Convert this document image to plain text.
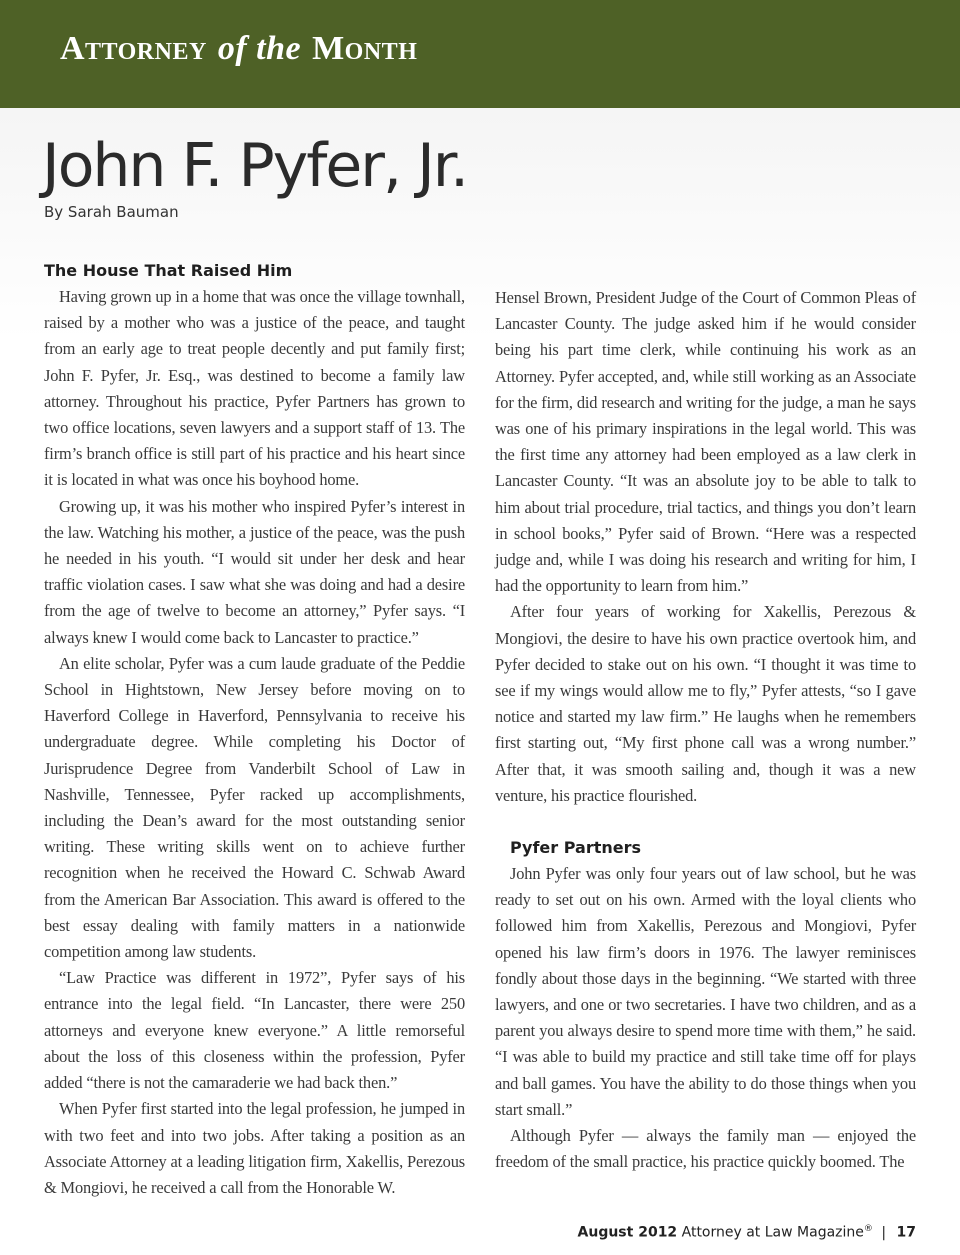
Attorney of the Month
John F. Pyfer, Jr.
By Sarah Bauman
The House That Raised Him

Having grown up in a home that was once the village townhall, raised by a mother who was a justice of the peace, and taught from an early age to treat people decently and put family first; John F. Pyfer, Jr. Esq., was destined to become a family law attorney. Throughout his practice, Pyfer Partners has grown to two office locations, seven lawyers and a support staff of 13. The firm’s branch office is still part of his practice and his heart since it is located in what was once his boyhood home.

Growing up, it was his mother who inspired Pyfer’s interest in the law. Watching his mother, a justice of the peace, was the push he needed in his youth. “I would sit under her desk and hear traffic violation cases. I saw what she was doing and had a desire from the age of twelve to become an attorney,” Pyfer says. “I always knew I would come back to Lancaster to practice.”

An elite scholar, Pyfer was a cum laude graduate of the Peddie School in Hightstown, New Jersey before moving on to Haverford College in Haverford, Pennsylvania to receive his undergraduate degree. While completing his Doctor of Jurisprudence Degree from Vanderbilt School of Law in Nashville, Tennessee, Pyfer racked up accomplishments, including the Dean’s award for the most outstanding senior writing. These writing skills went on to achieve further recognition when he received the Howard C. Schwab Award from the American Bar Association. This award is offered to the best essay dealing with family matters in a nationwide competition among law students.

“Law Practice was different in 1972”, Pyfer says of his entrance into the legal field. “In Lancaster, there were 250 attorneys and everyone knew everyone.” A little remorseful about the loss of this closeness within the profession, Pyfer added “there is not the camaraderie we had back then.”

When Pyfer first started into the legal profession, he jumped in with two feet and into two jobs. After taking a position as an Associate Attorney at a leading litigation firm, Xakellis, Perezous & Mongiovi, he received a call from the Honorable W.

Hensel Brown, President Judge of the Court of Common Pleas of Lancaster County. The judge asked him if he would consider being his part time clerk, while continuing his work as an Attorney. Pyfer accepted, and, while still working as an Associate for the firm, did research and writing for the judge, a man he says was one of his primary inspirations in the legal world. This was the first time any attorney had been employed as a law clerk in Lancaster County. “It was an absolute joy to be able to talk to him about trial procedure, trial tactics, and things you don’t learn in school books,” Pyfer said of Brown. “Here was a respected judge and, while I was doing his research and writing for him, I had the opportunity to learn from him.”

After four years of working for Xakellis, Perezous & Mongiovi, the desire to have his own practice overtook him, and Pyfer decided to stake out on his own. “I thought it was time to see if my wings would allow me to fly,” Pyfer attests, “so I gave notice and started my law firm.” He laughs when he remembers first starting out, “My first phone call was a wrong number.” After that, it was smooth sailing and, though it was a new venture, his practice flourished.

Pyfer Partners

John Pyfer was only four years out of law school, but he was ready to set out on his own. Armed with the loyal clients who followed him from Xakellis, Perezous and Mongiovi, Pyfer opened his law firm’s doors in 1976. The lawyer reminisces fondly about those days in the beginning. “We started with three lawyers, and one or two secretaries. I have two children, and as a parent you always desire to spend more time with them,” he said. “I was able to build my practice and still take time off for plays and ball games. You have the ability to do those things when you start small.”

Although Pyfer — always the family man — enjoyed the freedom of the small practice, his practice quickly boomed. The

August 2012 Attorney at Law Magazine® | 17
